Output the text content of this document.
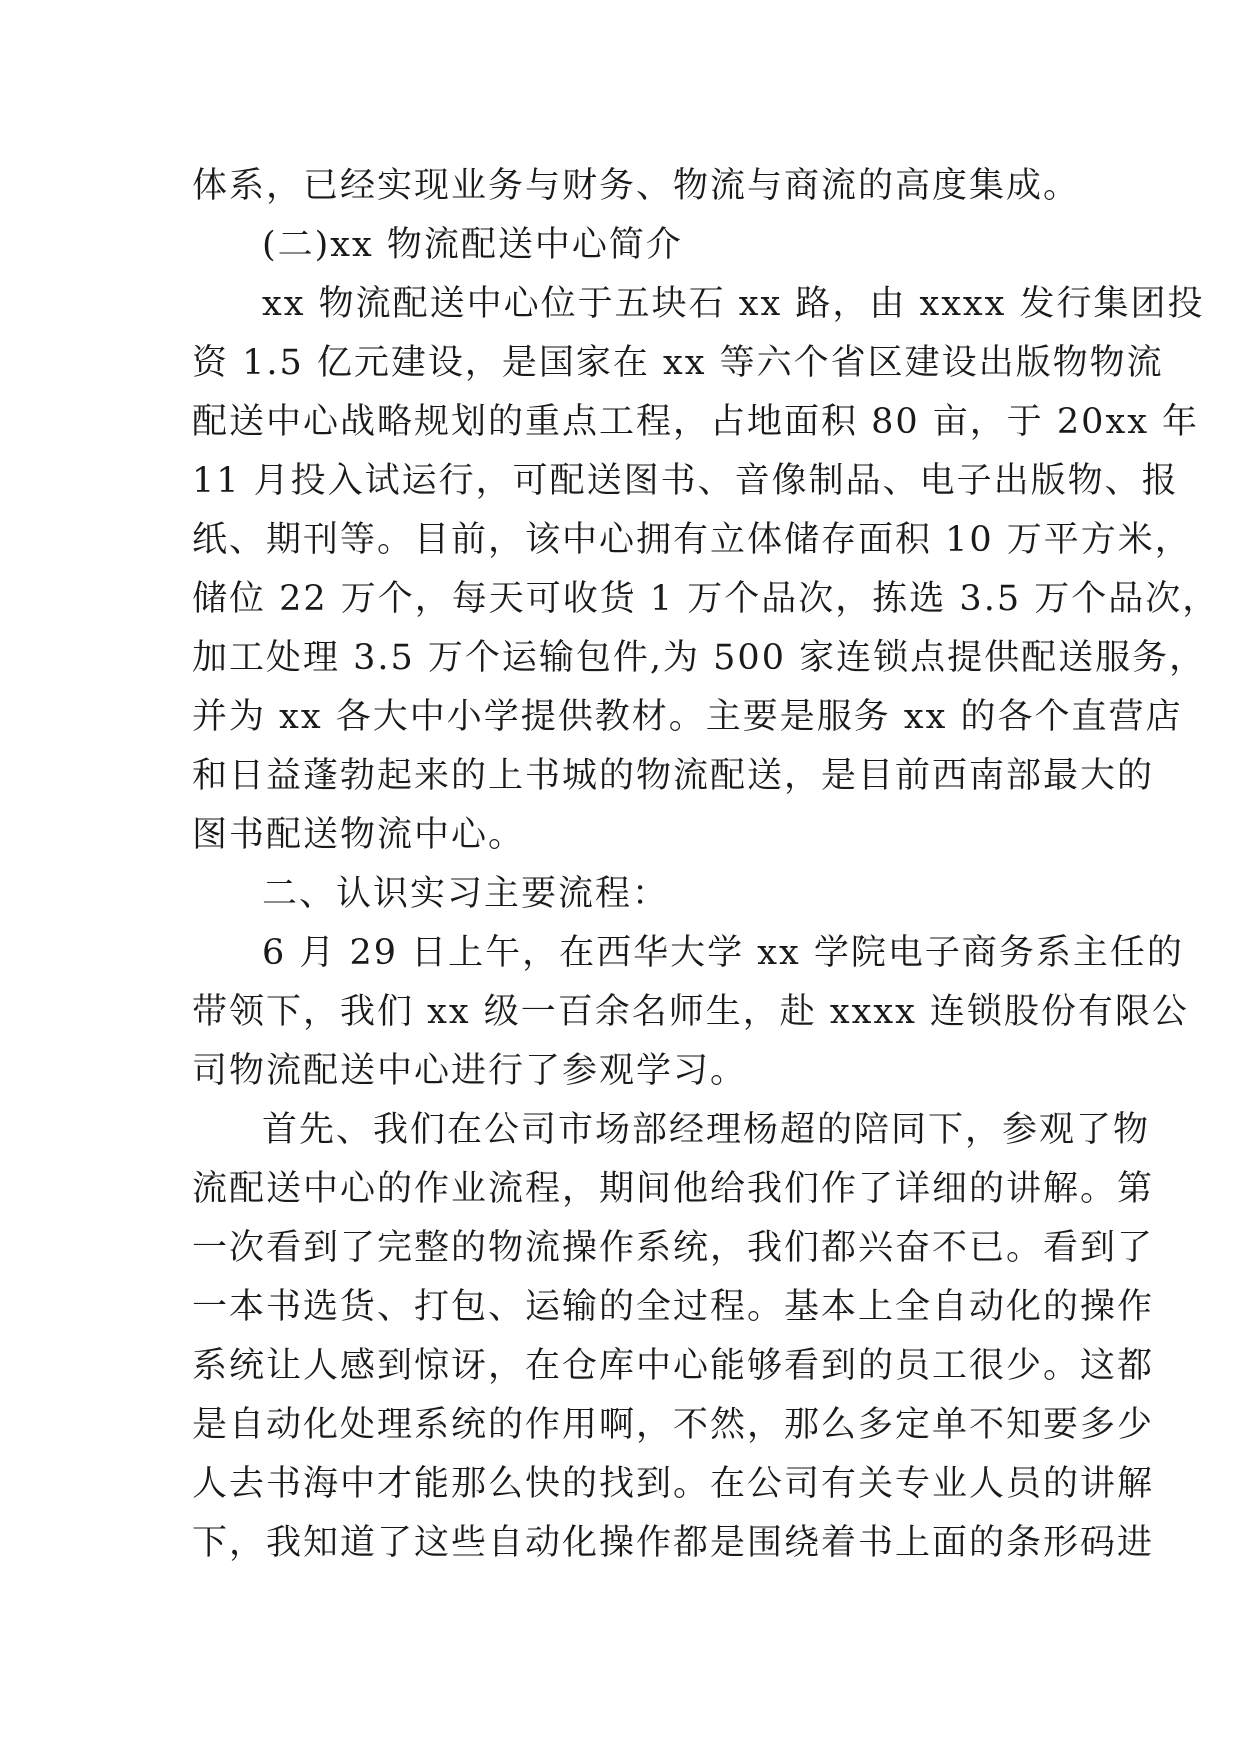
体系，已经实现业务与财务、物流与商流的高度集成。
(二)xx 物流配送中心简介
xx 物流配送中心位于五块石 xx 路，由 xxxx 发行集团投
资 1.5 亿元建设，是国家在 xx 等六个省区建设出版物物流
配送中心战略规划的重点工程，占地面积 80 亩，于 20xx 年
11 月投入试运行，可配送图书、音像制品、电子出版物、报
纸、期刊等。目前，该中心拥有立体储存面积 10 万平方米，
储位 22 万个，每天可收货 1 万个品次，拣选 3.5 万个品次，
加工处理 3.5 万个运输包件,为 500 家连锁点提供配送服务，
并为 xx 各大中小学提供教材。主要是服务 xx 的各个直营店
和日益蓬勃起来的上书城的物流配送，是目前西南部最大的
图书配送物流中心。
二、认识实习主要流程：
6 月 29 日上午，在西华大学 xx 学院电子商务系主任的
带领下，我们 xx 级一百余名师生，赴 xxxx 连锁股份有限公
司物流配送中心进行了参观学习。
首先、我们在公司市场部经理杨超的陪同下，参观了物
流配送中心的作业流程，期间他给我们作了详细的讲解。第
一次看到了完整的物流操作系统，我们都兴奋不已。看到了
一本书选货、打包、运输的全过程。基本上全自动化的操作
系统让人感到惊讶，在仓库中心能够看到的员工很少。这都
是自动化处理系统的作用啊，不然，那么多定单不知要多少
人去书海中才能那么快的找到。在公司有关专业人员的讲解
下，我知道了这些自动化操作都是围绕着书上面的条形码进
